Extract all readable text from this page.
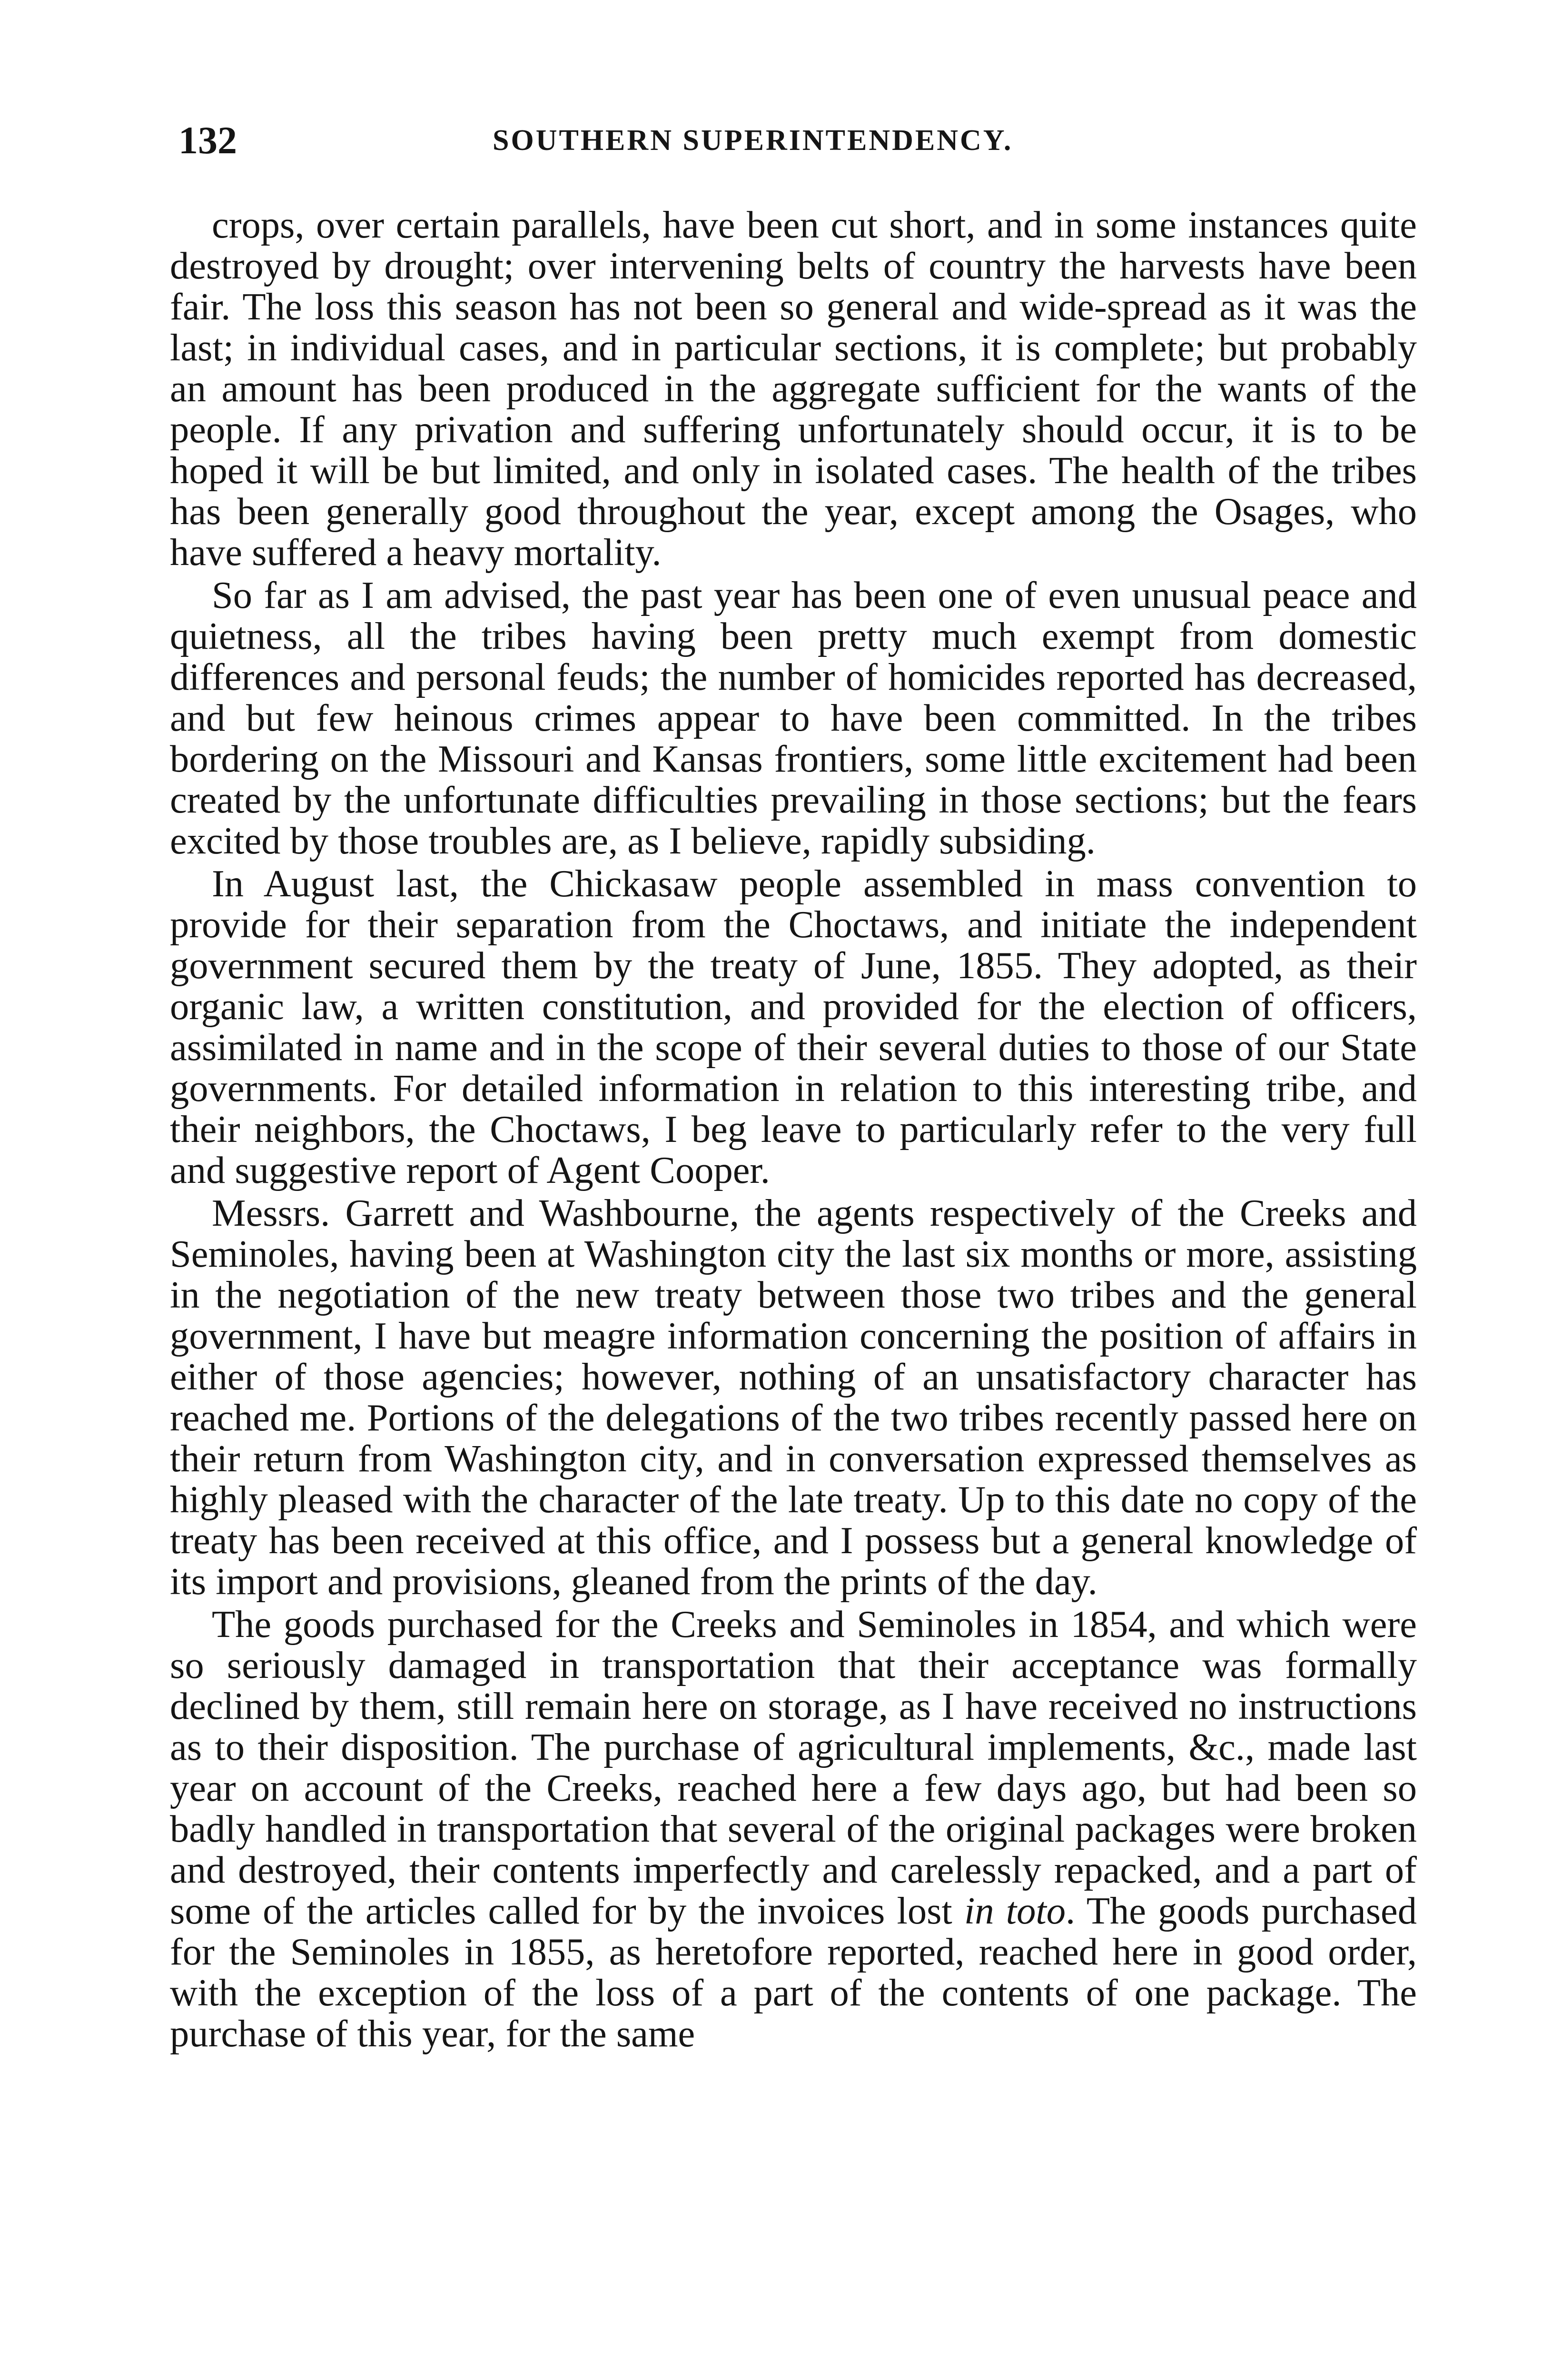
132	SOUTHERN SUPERINTENDENCY.

crops, over certain parallels, have been cut short, and in some instances quite destroyed by drought; over intervening belts of country the harvests have been fair. The loss this season has not been so general and wide-spread as it was the last; in individual cases, and in particular sections, it is complete; but probably an amount has been produced in the aggregate sufficient for the wants of the people. If any privation and suffering unfortunately should occur, it is to be hoped it will be but limited, and only in isolated cases. The health of the tribes has been generally good throughout the year, except among the Osages, who have suffered a heavy mortality.

So far as I am advised, the past year has been one of even unusual peace and quietness, all the tribes having been pretty much exempt from domestic differences and personal feuds; the number of homicides reported has decreased, and but few heinous crimes appear to have been committed. In the tribes bordering on the Missouri and Kansas frontiers, some little excitement had been created by the unfortunate difficulties prevailing in those sections; but the fears excited by those troubles are, as I believe, rapidly subsiding.

In August last, the Chickasaw people assembled in mass convention to provide for their separation from the Choctaws, and initiate the independent government secured them by the treaty of June, 1855. They adopted, as their organic law, a written constitution, and provided for the election of officers, assimilated in name and in the scope of their several duties to those of our State governments. For detailed information in relation to this interesting tribe, and their neighbors, the Choctaws, I beg leave to particularly refer to the very full and suggestive report of Agent Cooper.

Messrs. Garrett and Washbourne, the agents respectively of the Creeks and Seminoles, having been at Washington city the last six months or more, assisting in the negotiation of the new treaty between those two tribes and the general government, I have but meagre information concerning the position of affairs in either of those agencies; however, nothing of an unsatisfactory character has reached me. Portions of the delegations of the two tribes recently passed here on their return from Washington city, and in conversation expressed themselves as highly pleased with the character of the late treaty. Up to this date no copy of the treaty has been received at this office, and I possess but a general knowledge of its import and provisions, gleaned from the prints of the day.

The goods purchased for the Creeks and Seminoles in 1854, and which were so seriously damaged in transportation that their acceptance was formally declined by them, still remain here on storage, as I have received no instructions as to their disposition. The purchase of agricultural implements, &c., made last year on account of the Creeks, reached here a few days ago, but had been so badly handled in transportation that several of the original packages were broken and destroyed, their contents imperfectly and carelessly repacked, and a part of some of the articles called for by the invoices lost in toto. The goods purchased for the Seminoles in 1855, as heretofore reported, reached here in good order, with the exception of the loss of a part of the contents of one package. The purchase of this year, for the same
